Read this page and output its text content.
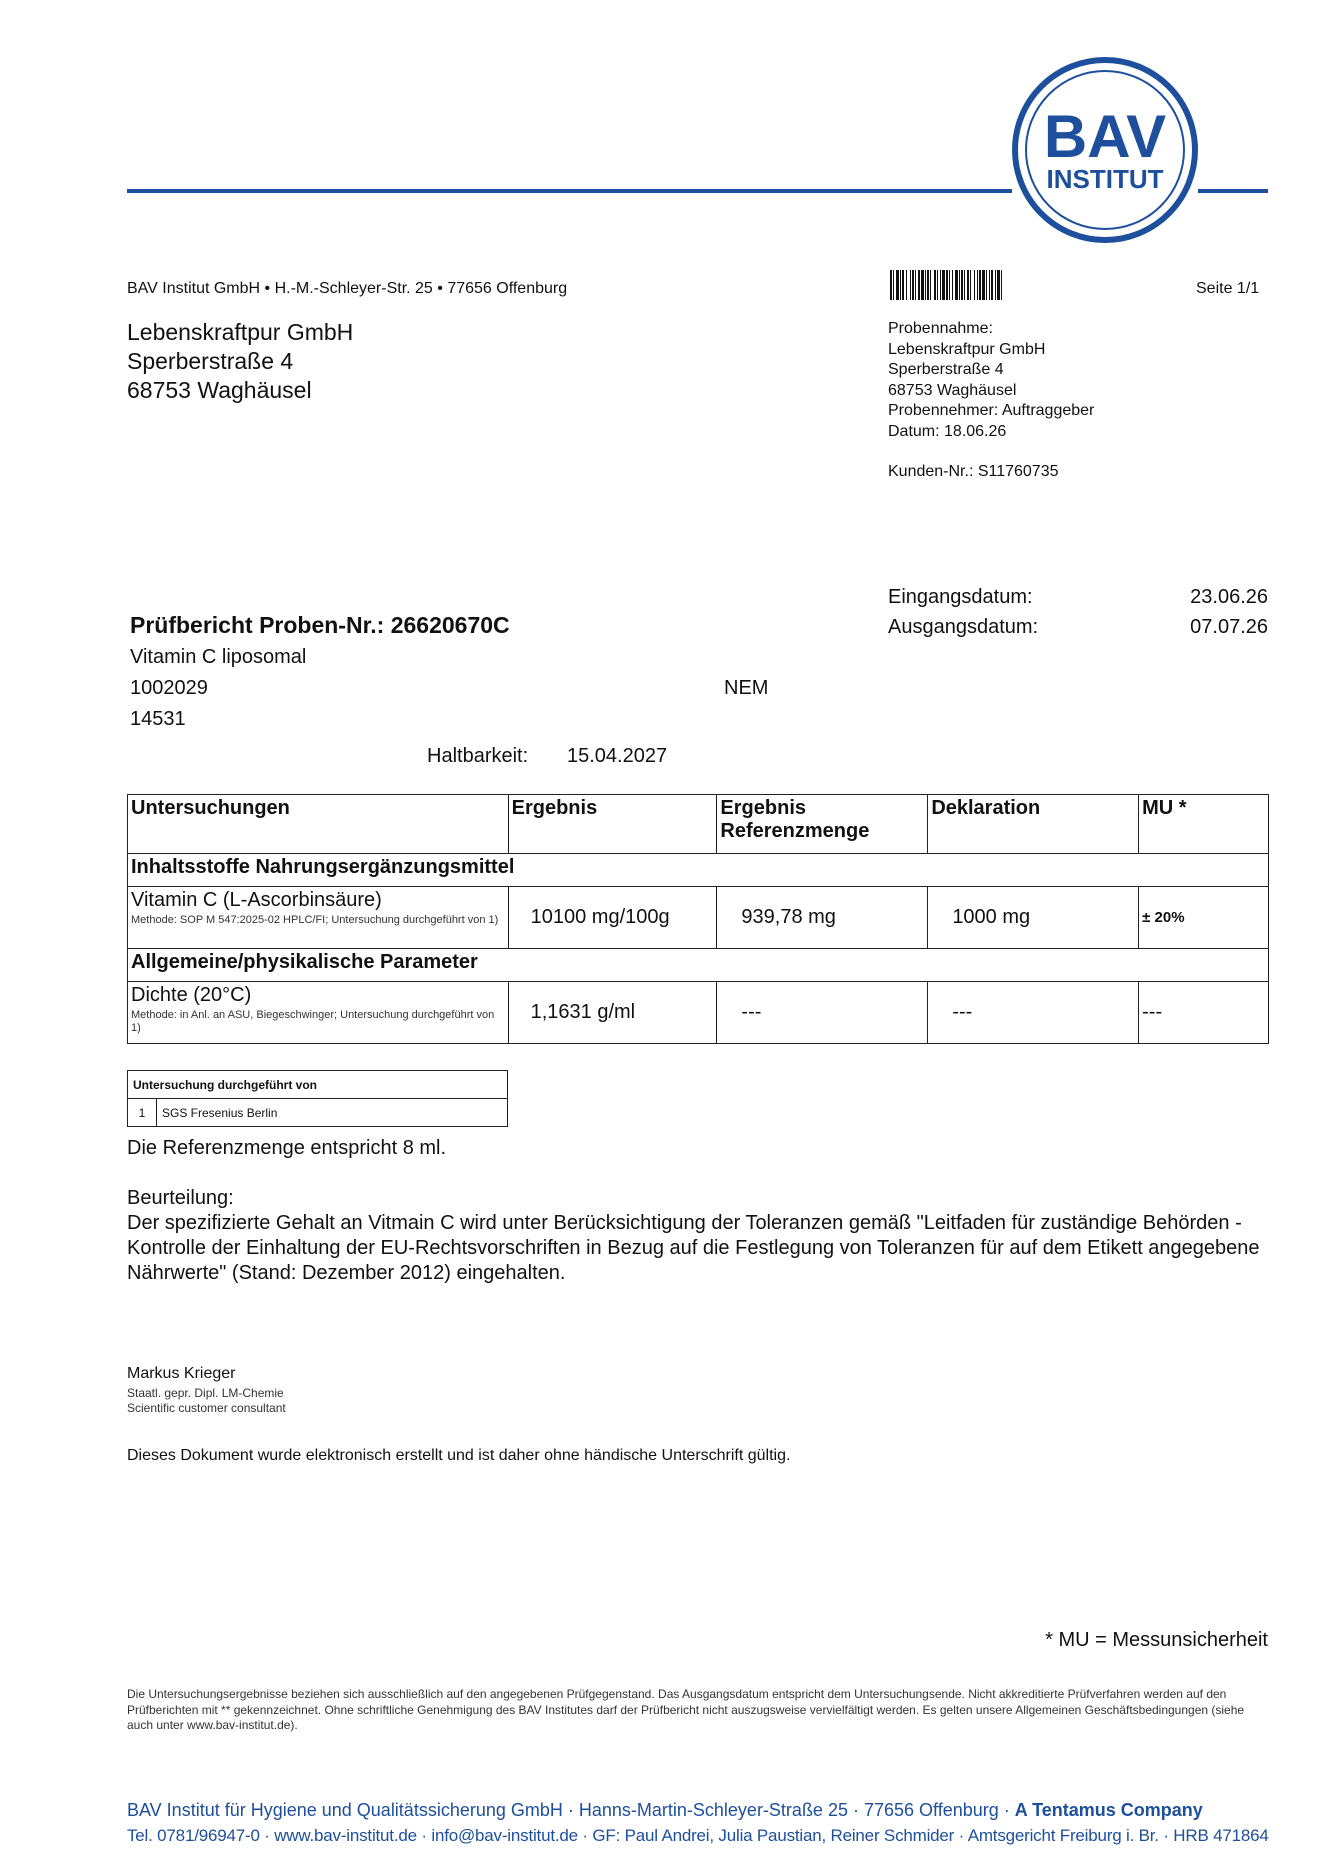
BAV
INSTITUT
BAV Institut GmbH • H.-M.-Schleyer-Str. 25 • 77656 Offenburg	Seite 1/1
Lebenskraftpur GmbH
Sperberstraße 4
68753 Waghäusel
Probennahme:
Lebenskraftpur GmbH
Sperberstraße 4
68753 Waghäusel
Probennehmer: Auftraggeber
Datum: 18.06.26
Kunden-Nr.: S11760735
Eingangsdatum:	23.06.26
Ausgangsdatum:	07.07.26
Prüfbericht Proben-Nr.: 26620670C
Vitamin C liposomal
1002029	NEM
14531
Haltbarkeit: 15.04.2027
Untersuchungen	Ergebnis	Ergebnis Referenzmenge	Deklaration	MU *
Inhaltsstoffe Nahrungsergänzungsmittel				

Vitamin C (L-Ascorbinsäure)
Methode: SOP M 547:2025-02 HPLC/FI; Untersuchung durchgeführt von 1)	10100 mg/100g	939,78 mg	1000 mg	± 20%
Allgemeine/physikalische Parameter				

Dichte (20°C)
Methode: in Anl. an ASU, Biegeschwinger; Untersuchung durchgeführt von 1)	1,1631 g/ml	---	---	---
Untersuchung durchgeführt von
1	SGS Fresenius Berlin
Die Referenzmenge entspricht 8 ml.
Beurteilung:
Der spezifizierte Gehalt an Vitmain C wird unter Berücksichtigung der Toleranzen gemäß "Leitfaden für zuständige Behörden - Kontrolle der Einhaltung der EU-Rechtsvorschriften in Bezug auf die Festlegung von Toleranzen für auf dem Etikett angegebene Nährwerte" (Stand: Dezember 2012) eingehalten.
Markus Krieger
Staatl. gepr. Dipl. LM-Chemie
Scientific customer consultant
Dieses Dokument wurde elektronisch erstellt und ist daher ohne händische Unterschrift gültig.
* MU = Messunsicherheit
Die Untersuchungsergebnisse beziehen sich ausschließlich auf den angegebenen Prüfgegenstand. Das Ausgangsdatum entspricht dem Untersuchungsende. Nicht akkreditierte Prüfverfahren werden auf den Prüfberichten mit ** gekennzeichnet. Ohne schriftliche Genehmigung des BAV Institutes darf der Prüfbericht nicht auszugsweise vervielfältigt werden. Es gelten unsere Allgemeinen Geschäftsbedingungen (siehe auch unter www.bav-institut.de).
BAV Institut für Hygiene und Qualitätssicherung GmbH · Hanns-Martin-Schleyer-Straße 25 · 77656 Offenburg · A Tentamus Company
Tel. 0781/96947-0 · www.bav-institut.de · info@bav-institut.de · GF: Paul Andrei, Julia Paustian, Reiner Schmider · Amtsgericht Freiburg i. Br. · HRB 471864
